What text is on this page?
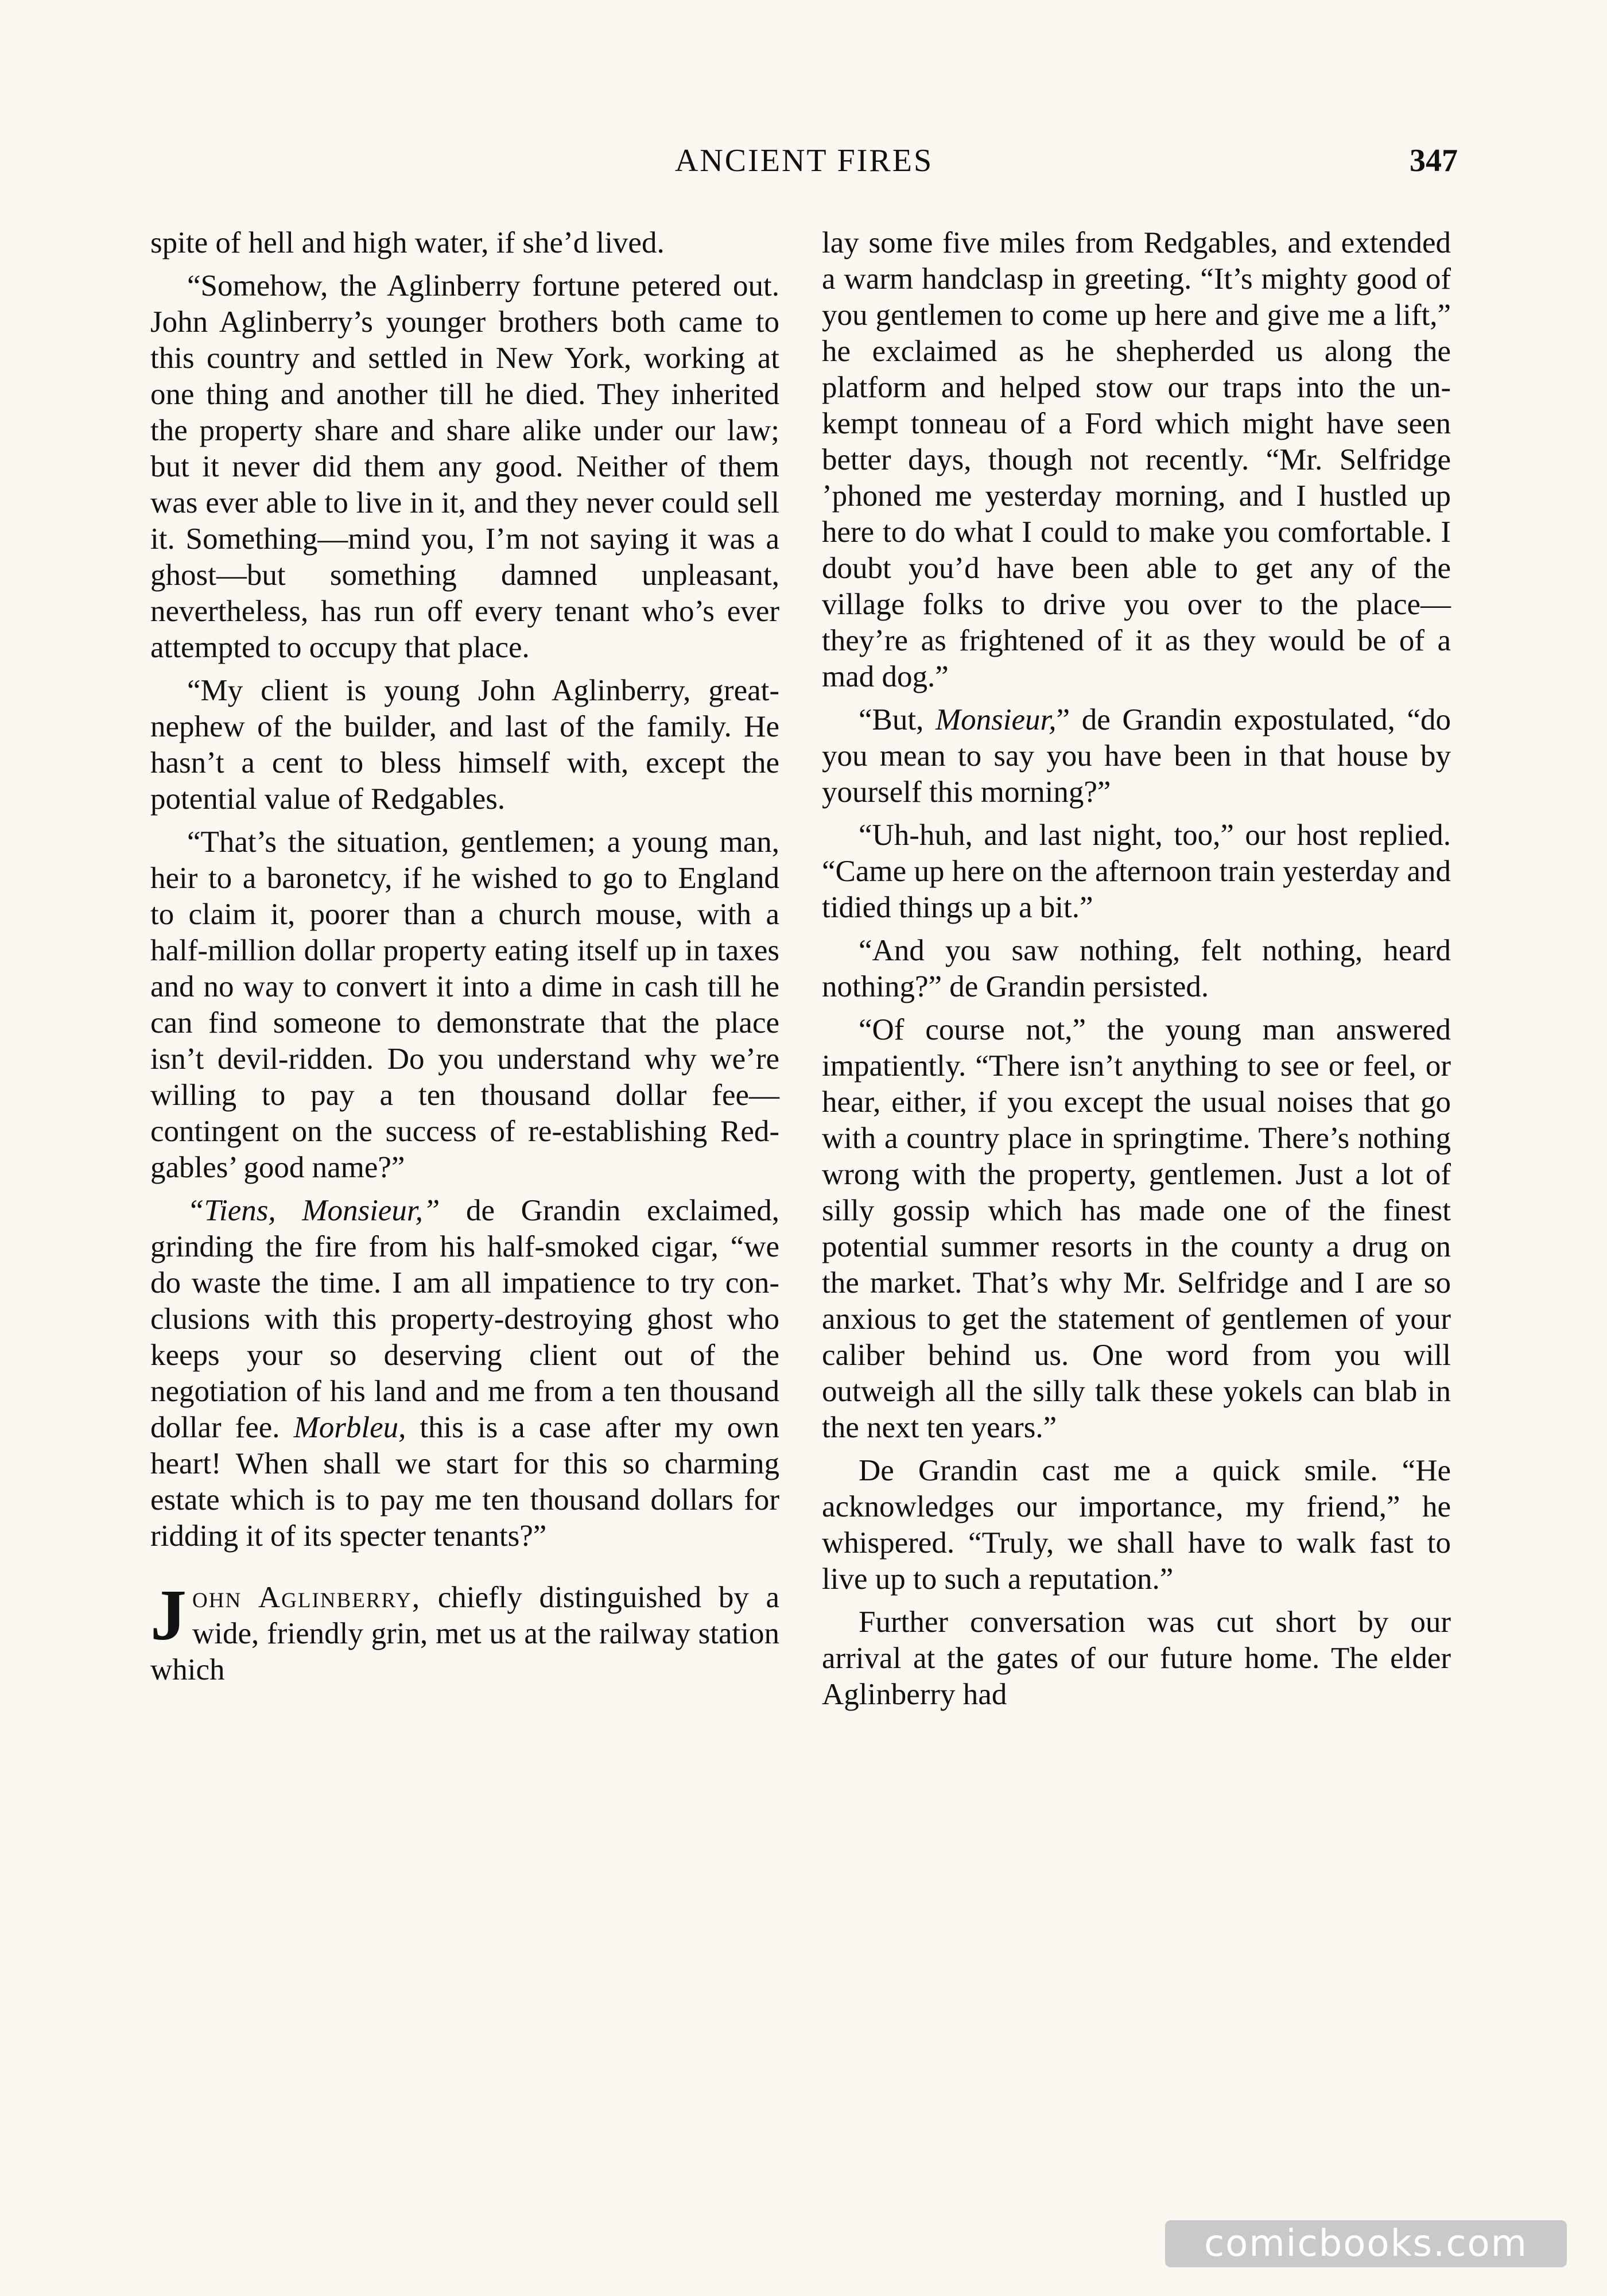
ANCIENT FIRES	347

spite of hell and high water, if she’d lived.

“Somehow, the Aglinberry fortune petered out. John Aglinberry’s younger brothers both came to this country and settled in New York, working at one thing and another till he died. They inherited the property share and share alike under our law; but it never did them any good. Neither of them was ever able to live in it, and they never could sell it. Something—mind you, I’m not saying it was a ghost—but something damned unpleasant, nevertheless, has run off every tenant who’s ever attempted to occupy that place.

“My client is young John Aglinberry, great-nephew of the builder, and last of the family. He hasn’t a cent to bless himself with, except the potential value of Redgables.

“That’s the situation, gentlemen; a young man, heir to a baronetcy, if he wished to go to England to claim it, poorer than a church mouse, with a half-million dollar property eating itself up in taxes and no way to convert it into a dime in cash till he can find someone to demonstrate that the place isn’t devil-ridden. Do you understand why we’re willing to pay a ten thousand dollar fee—contingent on the success of re-establishing Redgables’ good name?”

“Tiens, Monsieur,” de Grandin exclaimed, grinding the fire from his half-smoked cigar, “we do waste the time. I am all impatience to try conclusions with this property-destroying ghost who keeps your so deserving client out of the negotiation of his land and me from a ten thousand dollar fee. Morbleu, this is a case after my own heart! When shall we start for this so charming estate which is to pay me ten thousand dollars for ridding it of its specter tenants?”

John Aglinberry, chiefly distinguished by a wide, friendly grin, met us at the railway station which

lay some five miles from Redgables, and extended a warm handclasp in greeting. “It’s mighty good of you gentlemen to come up here and give me a lift,” he exclaimed as he shepherded us along the platform and helped stow our traps into the unkempt tonneau of a Ford which might have seen better days, though not recently. “Mr. Selfridge ’phoned me yesterday morning, and I hustled up here to do what I could to make you comfortable. I doubt you’d have been able to get any of the village folks to drive you over to the place—they’re as frightened of it as they would be of a mad dog.”

“But, Monsieur,” de Grandin expostulated, “do you mean to say you have been in that house by yourself this morning?”

“Uh-huh, and last night, too,” our host replied. “Came up here on the afternoon train yesterday and tidied things up a bit.”

“And you saw nothing, felt nothing, heard nothing?” de Grandin persisted.

“Of course not,” the young man answered impatiently. “There isn’t anything to see or feel, or hear, either, if you except the usual noises that go with a country place in springtime. There’s nothing wrong with the property, gentlemen. Just a lot of silly gossip which has made one of the finest potential summer resorts in the county a drug on the market. That’s why Mr. Selfridge and I are so anxious to get the statement of gentlemen of your caliber behind us. One word from you will outweigh all the silly talk these yokels can blab in the next ten years.”

De Grandin cast me a quick smile. “He acknowledges our importance, my friend,” he whispered. “Truly, we shall have to walk fast to live up to such a reputation.”

Further conversation was cut short by our arrival at the gates of our future home. The elder Aglinberry had

comicbooks.com
